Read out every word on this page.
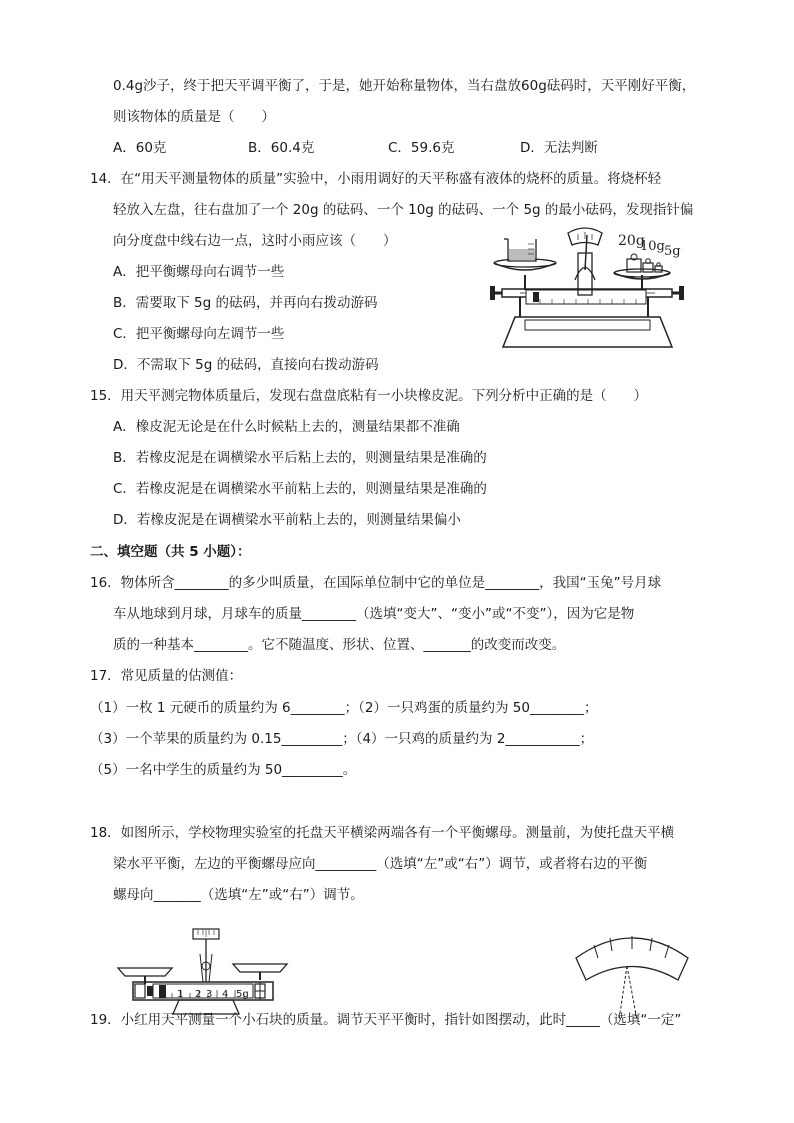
0.4g沙子，终于把天平调平衡了，于是，她开始称量物体，当右盘放60g砝码时，天平刚好平衡，
则该物体的质量是（　　）
A．60克	B．60.4克	C．59.6克	D．无法判断
14．在“用天平测量物体的质量”实验中，小雨用调好的天平称盛有液体的烧杯的质量。将烧杯轻
轻放入左盘，往右盘加了一个 20g 的砝码、一个 10g 的砝码、一个 5g 的最小砝码，发现指针偏
向分度盘中线右边一点，这时小雨应该（　　）
A．把平衡螺母向右调节一些
B．需要取下 5g 的砝码，并再向右拨动游码
C．把平衡螺母向左调节一些
D．不需取下 5g 的砝码，直接向右拨动游码
20g
10g 5g
15．用天平测完物体质量后，发现右盘盘底粘有一小块橡皮泥。下列分析中正确的是（　　）
A．橡皮泥无论是在什么时候粘上去的，测量结果都不准确
B．若橡皮泥是在调横梁水平后粘上去的，则测量结果是准确的
C．若橡皮泥是在调横梁水平前粘上去的，则测量结果是准确的
D．若橡皮泥是在调横梁水平前粘上去的，则测量结果偏小
二、填空题（共 5 小题）：
16．物体所含________的多少叫质量，在国际单位制中它的单位是________，我国“玉兔”号月球
车从地球到月球，月球车的质量________（选填“变大”、“变小”或“不变”），因为它是物
质的一种基本________。它不随温度、形状、位置、_______的改变而改变。
17．常见质量的估测值：
（1）一枚 1 元硬币的质量约为 6________；（2）一只鸡蛋的质量约为 50________；
（3）一个苹果的质量约为 0.15_________；（4）一只鸡的质量约为 2___________；
（5）一名中学生的质量约为 50_________。
18．如图所示，学校物理实验室的托盘天平横梁两端各有一个平衡螺母。测量前，为使托盘天平横
梁水平平衡，左边的平衡螺母应向_________（选填“左”或“右”）调节，或者将右边的平衡
螺母向_______（选填“左”或“右”）调节。
1 2 3 4 5g
19．小红用天平测量一个小石块的质量。调节天平平衡时，指针如图摆动，此时_____（选填“一定”
